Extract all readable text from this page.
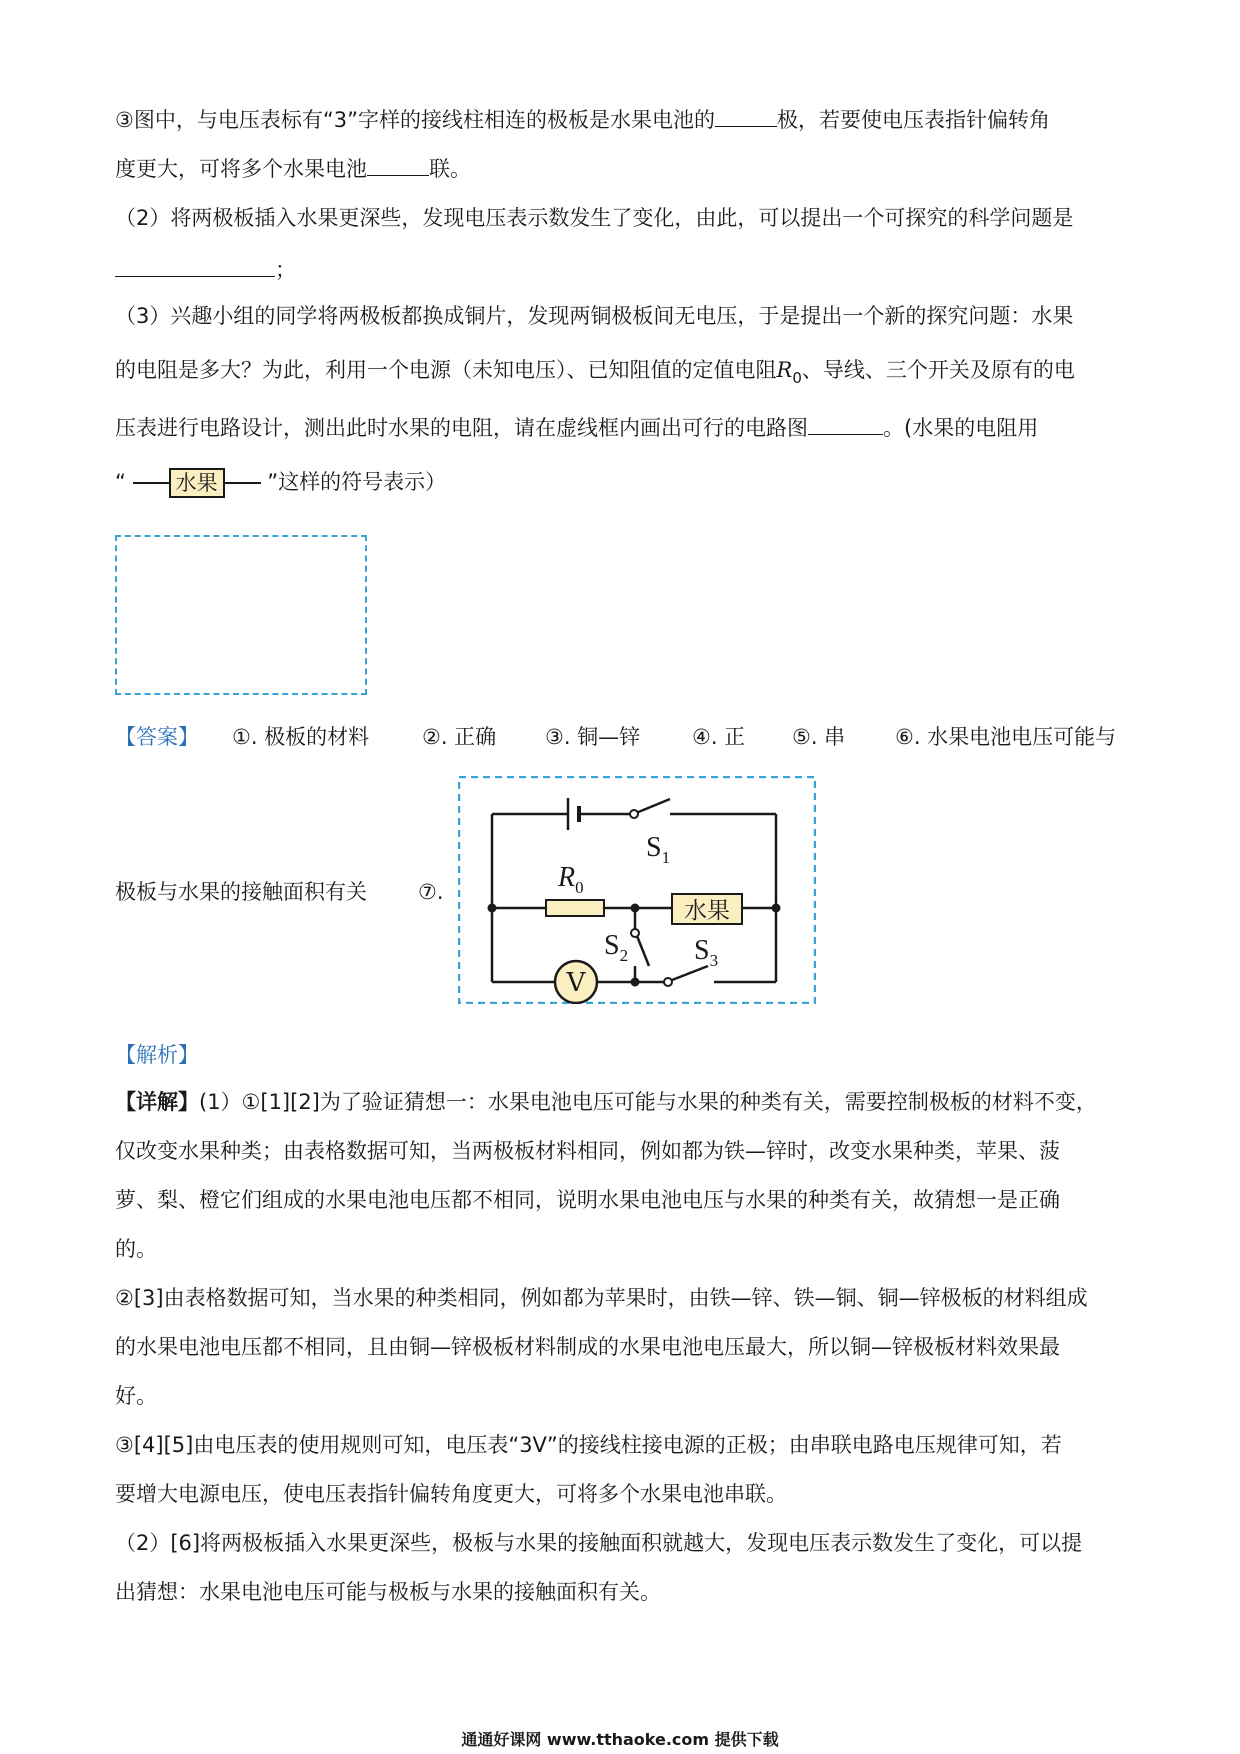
③图中，与电压表标有“3”字样的接线柱相连的极板是水果电池的	极，若要使电压表指针偏转角
度更大，可将多个水果电池	联。
（2）将两极板插入水果更深些，发现电压表示数发生了变化，由此，可以提出一个可探究的科学问题是
；
（3）兴趣小组的同学将两极板都换成铜片，发现两铜极板间无电压，于是提出一个新的探究问题：水果
的电阻是多大？为此，利用一个电源（未知电压）、已知阻值的定值电阻$R_0$、导线、三个开关及原有的电
压表进行电路设计，测出此时水果的电阻，请在虚线框内画出可行的电路图	。(水果的电阻用
“ 水果 ”这样的符号表示）
【答案】 ①. 极板的材料	②. 正确 ③. 铜—锌 ④. 正 ⑤. 串 ⑥. 水果电池电压可能与
极板与水果的接触面积有关 ⑦.
水果
V
$S_1$
$R_0$
$S_2$ $S_3$
【解析】
【详解】(1）①[1][2]为了验证猜想一：水果电池电压可能与水果的种类有关，需要控制极板的材料不变，
仅改变水果种类；由表格数据可知，当两极板材料相同，例如都为铁—锌时，改变水果种类，苹果、菠
萝、梨、橙它们组成的水果电池电压都不相同，说明水果电池电压与水果的种类有关，故猜想一是正确
的。
②[3]由表格数据可知，当水果的种类相同，例如都为苹果时，由铁—锌、铁—铜、铜—锌极板的材料组成
的水果电池电压都不相同，且由铜—锌极板材料制成的水果电池电压最大，所以铜—锌极板材料效果最
好。
③[4][5]由电压表的使用规则可知，电压表“3V”的接线柱接电源的正极；由串联电路电压规律可知，若
要增大电源电压，使电压表指针偏转角度更大，可将多个水果电池串联。
（2）[6]将两极板插入水果更深些，极板与水果的接触面积就越大，发现电压表示数发生了变化，可以提
出猜想：水果电池电压可能与极板与水果的接触面积有关。
通通好课网 www.tthaoke.com 提供下载
